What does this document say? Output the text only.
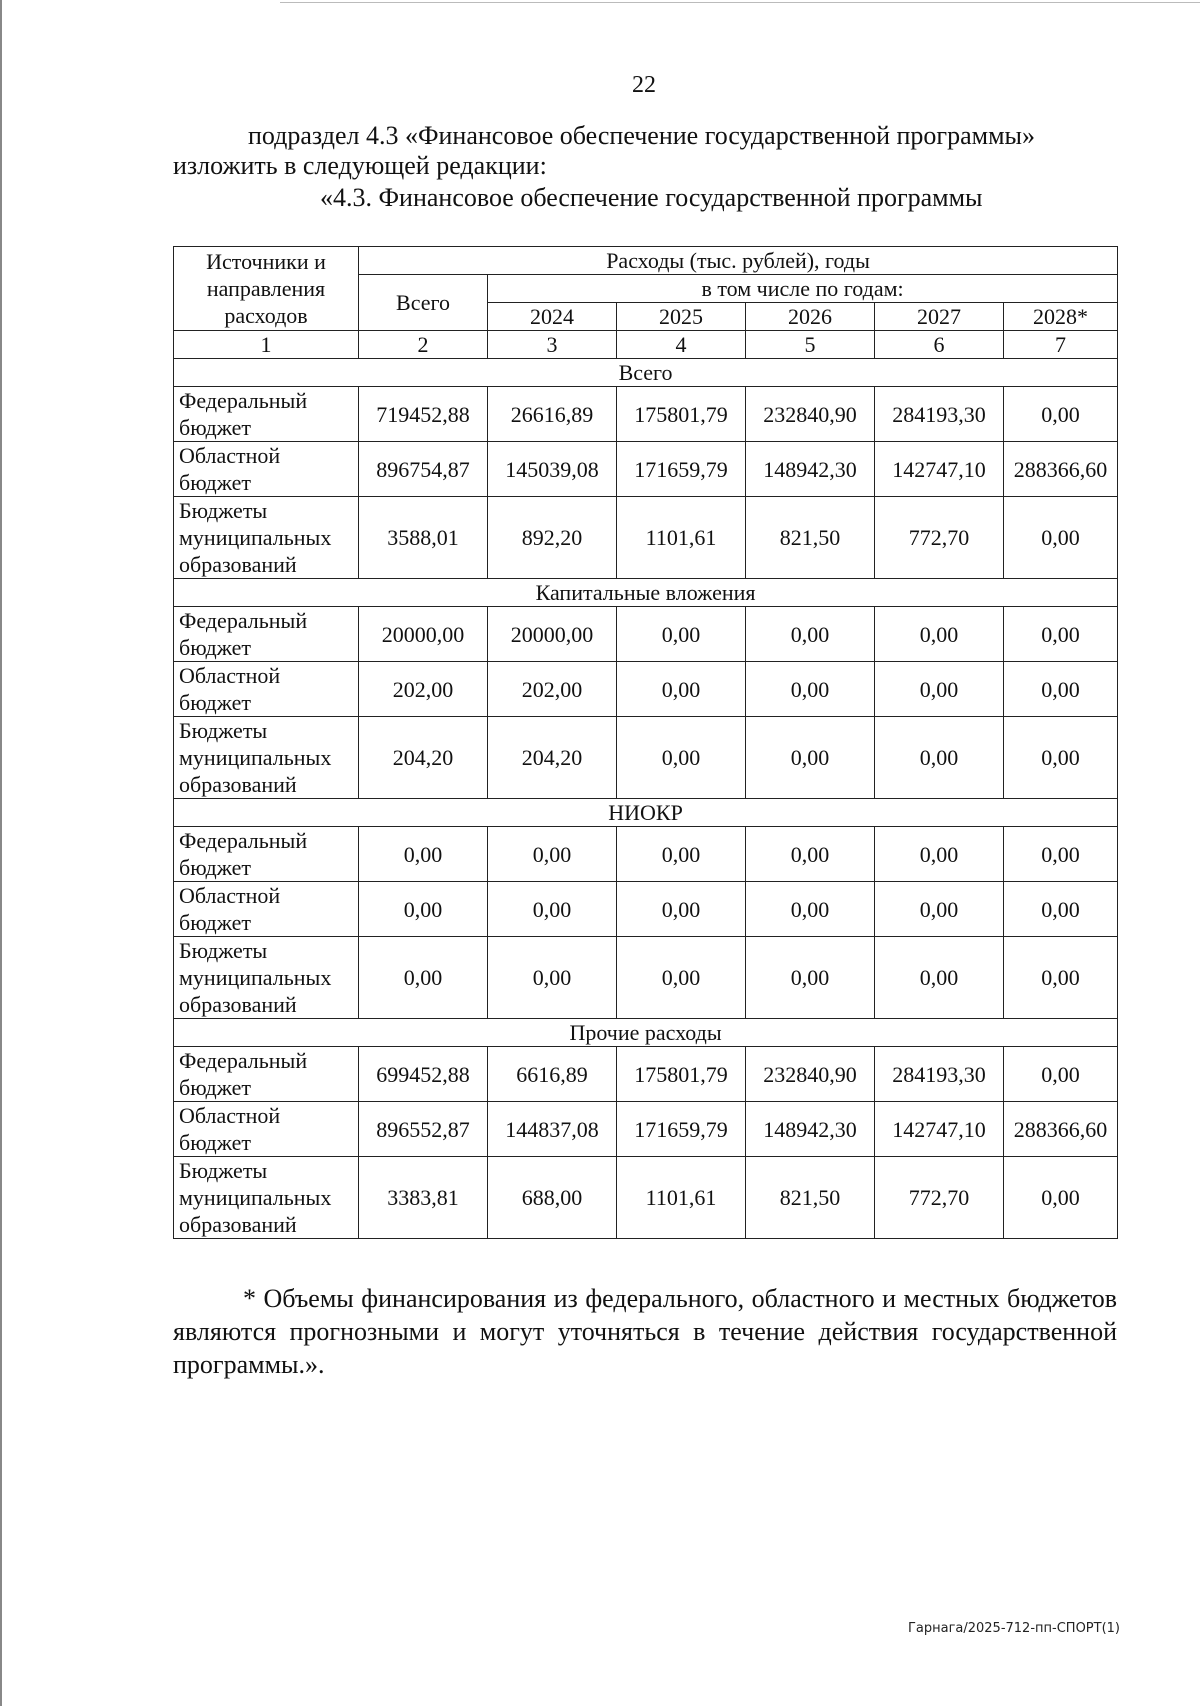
22
подраздел 4.3 «Финансовое обеспечение государственной программы»
изложить в следующей редакции:
«4.3. Финансовое обеспечение государственной программы
Источники и направления расходов	Расходы (тыс. рублей), годы					
	Всего	в том числе по годам:				
		2024	2025	2026	2027	2028*
1	2	3	4	5	6	7
Всего						
Федеральный бюджет	719452,88	26616,89	175801,79	232840,90	284193,30	0,00
Областной бюджет	896754,87	145039,08	171659,79	148942,30	142747,10	288366,60
Бюджеты муниципальных образований	3588,01	892,20	1101,61	821,50	772,70	0,00
Капитальные вложения						
Федеральный бюджет	20000,00	20000,00	0,00	0,00	0,00	0,00
Областной бюджет	202,00	202,00	0,00	0,00	0,00	0,00
Бюджеты муниципальных образований	204,20	204,20	0,00	0,00	0,00	0,00
НИОКР						
Федеральный бюджет	0,00	0,00	0,00	0,00	0,00	0,00
Областной бюджет	0,00	0,00	0,00	0,00	0,00	0,00
Бюджеты муниципальных образований	0,00	0,00	0,00	0,00	0,00	0,00
Прочие расходы						
Федеральный бюджет	699452,88	6616,89	175801,79	232840,90	284193,30	0,00
Областной бюджет	896552,87	144837,08	171659,79	148942,30	142747,10	288366,60
Бюджеты муниципальных образований	3383,81	688,00	1101,61	821,50	772,70	0,00
* Объемы финансирования из федерального, областного и местных бюджетов являются прогнозными и могут уточняться в течение действия государственной программы.».
Гарнага/2025-712-пп-СПОРТ(1)
